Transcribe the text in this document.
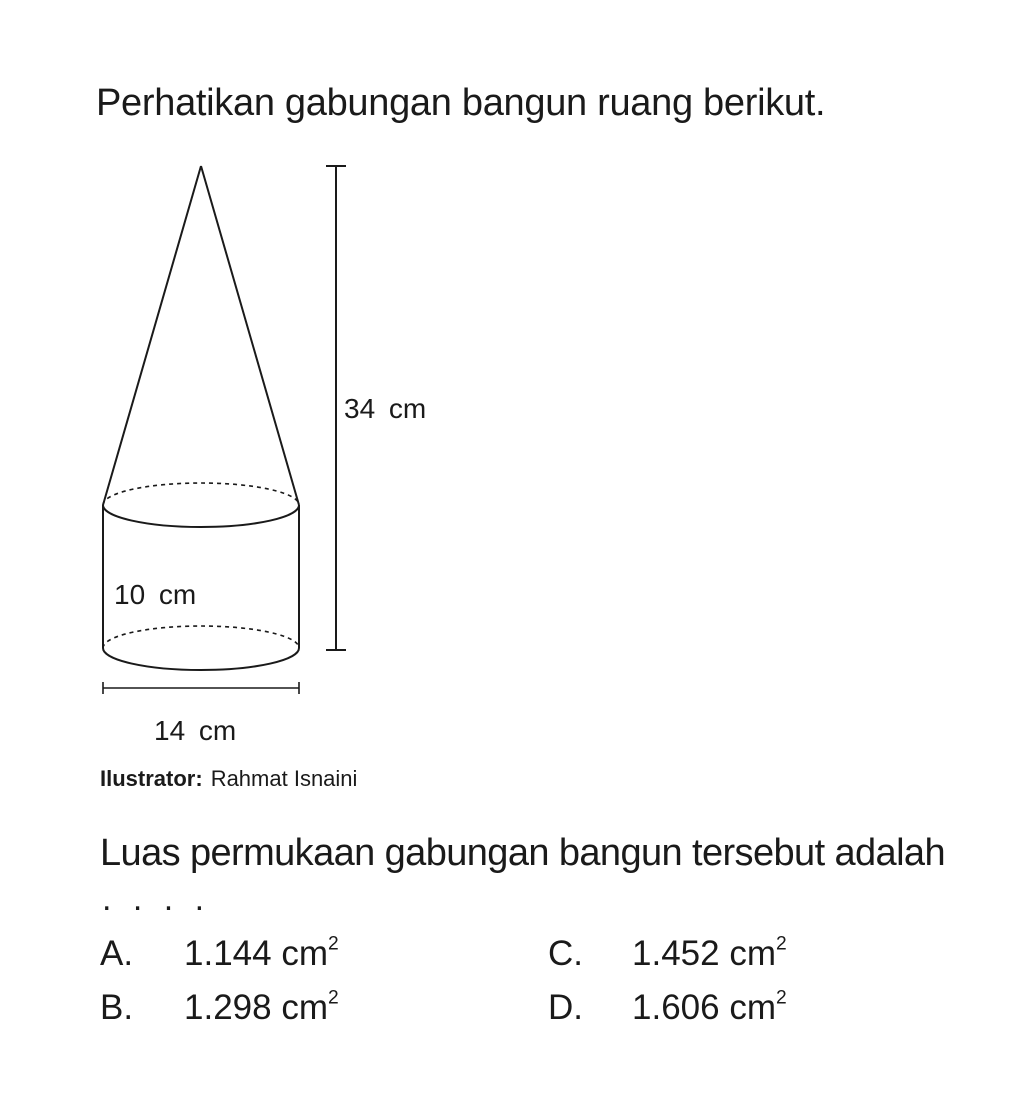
Perhatikan gabungan bangun ruang berikut.
34 cm
10 cm
14 cm
Ilustrator: Rahmat Isnaini
Luas permukaan gabungan bangun tersebut adalah
. . . .
A. 1.144 $cm^2$
B. 1.298 $cm^2$
C. 1.452 $cm^2$
D. 1.606 $cm^2$
